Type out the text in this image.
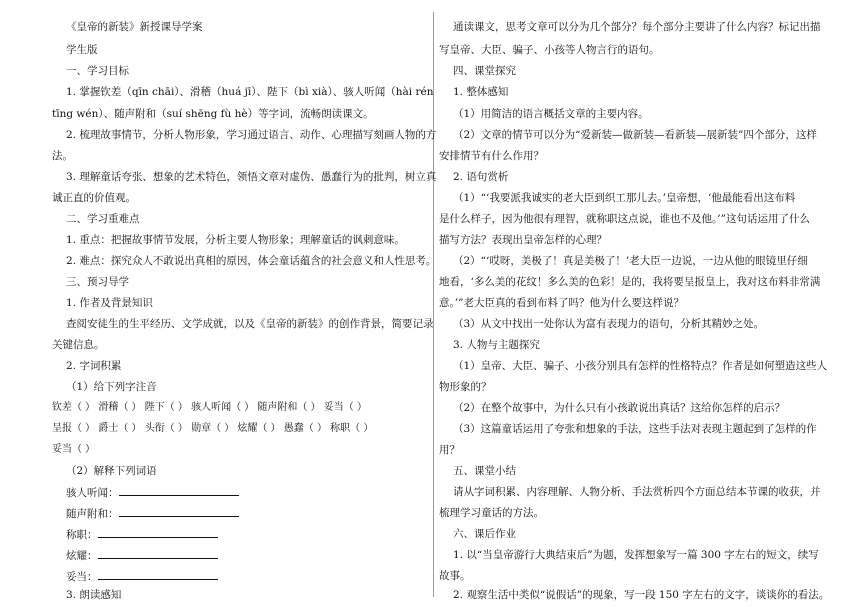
《皇帝的新装》新授课导学案
学生版
一、学习目标
1. 掌握钦差（qīn chāi）、滑稽（huá jī）、陛下（bì xià）、骇人听闻（hài rén
tīng wén）、随声附和（suí shēng fù hè）等字词，流畅朗读课文。
2. 梳理故事情节，分析人物形象，学习通过语言、动作、心理描写刻画人物的方
法。
3. 理解童话夸张、想象的艺术特色，领悟文章对虚伪、愚蠢行为的批判，树立真
诚正直的价值观。
二、学习重难点
1. 重点：把握故事情节发展，分析主要人物形象；理解童话的讽刺意味。
2. 难点：探究众人不敢说出真相的原因，体会童话蕴含的社会意义和人性思考。
三、预习导学
1. 作者及背景知识
查阅安徒生的生平经历、文学成就，以及《皇帝的新装》的创作背景，简要记录
关键信息。
2. 字词积累
（1）给下列字注音
钦差（ ） 滑稽（ ） 陛下（ ） 骇人听闻（ ） 随声附和（ ） 妥当（ ）
呈报（ ） 爵士（ ） 头衔（ ） 勋章（ ） 炫耀（ ） 愚蠢（ ） 称职（ ）
妥当（ ）
（2）解释下列词语
骇人听闻：
随声附和：
称职：
炫耀：
妥当：
3. 朗读感知
通读课文，思考文章可以分为几个部分？每个部分主要讲了什么内容？标记出描
写皇帝、大臣、骗子、小孩等人物言行的语句。
四、课堂探究
1. 整体感知
（1）用简洁的语言概括文章的主要内容。
（2）文章的情节可以分为“爱新装—做新装—看新装—展新装”四个部分，这样
安排情节有什么作用？
2. 语句赏析
（1）“‘我要派我诚实的老大臣到织工那儿去。’皇帝想，‘他最能看出这布料
是什么样子，因为他很有理智，就称职这点说，谁也不及他。’”这句话运用了什么
描写方法？表现出皇帝怎样的心理？
（2）“‘哎呀，美极了！真是美极了！’老大臣一边说，一边从他的眼镜里仔细
地看，‘多么美的花纹！多么美的色彩！是的，我将要呈报皇上，我对这布料非常满
意。’”老大臣真的看到布料了吗？他为什么要这样说？
（3）从文中找出一处你认为富有表现力的语句，分析其精妙之处。
3. 人物与主题探究
（1）皇帝、大臣、骗子、小孩分别具有怎样的性格特点？作者是如何塑造这些人
物形象的？
（2）在整个故事中，为什么只有小孩敢说出真话？这给你怎样的启示？
（3）这篇童话运用了夸张和想象的手法，这些手法对表现主题起到了怎样的作
用？
五、课堂小结
请从字词积累、内容理解、人物分析、手法赏析四个方面总结本节课的收获，并
梳理学习童话的方法。
六、课后作业
1. 以“当皇帝游行大典结束后”为题，发挥想象写一篇 300 字左右的短文，续写
故事。
2. 观察生活中类似“说假话”的现象，写一段 150 字左右的文字，谈谈你的看法。
